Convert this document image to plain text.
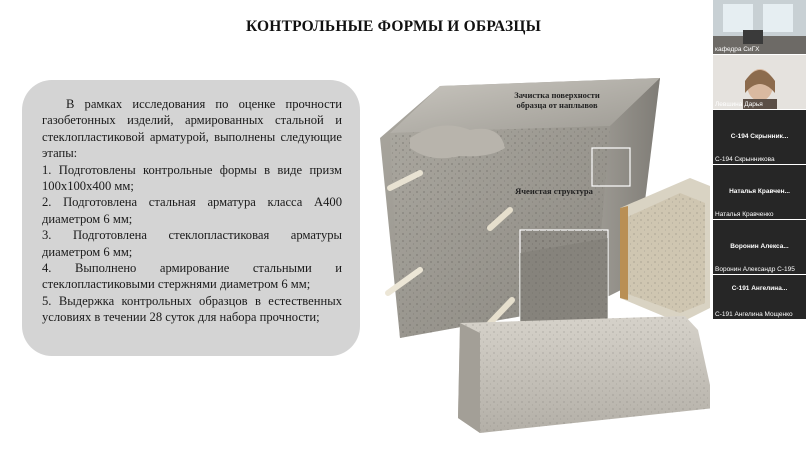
КОНТРОЛЬНЫЕ ФОРМЫ И ОБРАЗЦЫ

В рамках исследования по оценке прочности газобетонных изделий, армированных стальной и стеклопластиковой арматурой, выполнены следующие этапы:

1. Подготовлены контрольные формы в виде призм 100х100х400 мм;

2. Подготовлена стальная арматура класса А400 диаметром 6 мм;

3. Подготовлена стеклопластиковая арматуры диаметром 6 мм;

4. Выполнено армирование стальными и стеклопластиковыми стержнями диаметром 6 мм;

5. Выдержка контрольных образцов в естественных условиях в течении 28 суток для набора прочности;

Зачистка поверхности
образца от наплывов
Ячеистая структура
кафедра СиГХ
Левшина Дарья
С-194 Скрынник...
С-194 Скрынникова
Наталья Кравчен...
Наталья Кравченко
Воронин Алекса...
Воронин Александр С-195
С-191 Ангелина...
С-191 Ангелина Мощенко
